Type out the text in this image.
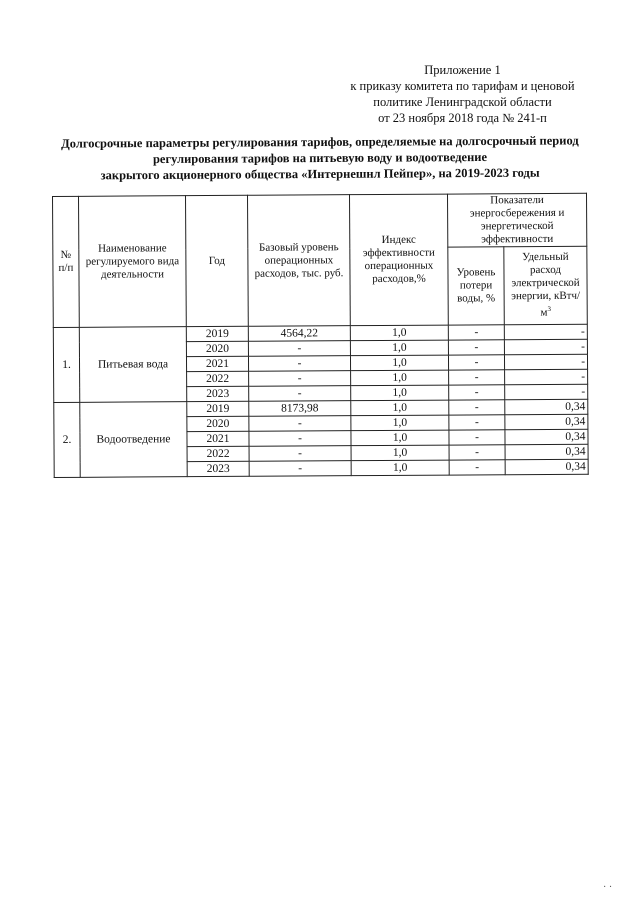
Приложение 1
к приказу комитета по тарифам и ценовой
политике Ленинградской области
от 23 ноября 2018 года № 241-п
Долгосрочные параметры регулирования тарифов, определяемые на долгосрочный период
регулирования тарифов на питьевую воду и водоотведение
закрытого акционерного общества «Интернешнл Пейпер», на 2019-2023 годы
№ п/п	Наименование регулируемого вида деятельности	Год	Базовый уровень операционных расходов, тыс. руб.	Индекс эффективности операционных расходов,%	Показатели энергосбережения и энергетической эффективности	
					Уровень потери воды, %	Удельный расход электрической энергии, кВтч/$м^3$
1.	Питьевая вода	2019	4564,22	1,0	-	-
		2020	-	1,0	-	-
		2021	-	1,0	-	-
		2022	-	1,0	-	-
		2023	-	1,0	-	-
2.	Водоотведение	2019	8173,98	1,0	-	0,34
		2020	-	1,0	-	0,34
		2021	-	1,0	-	0,34
		2022	-	1,0	-	0,34
		2023	-	1,0	-	0,34
· ·
